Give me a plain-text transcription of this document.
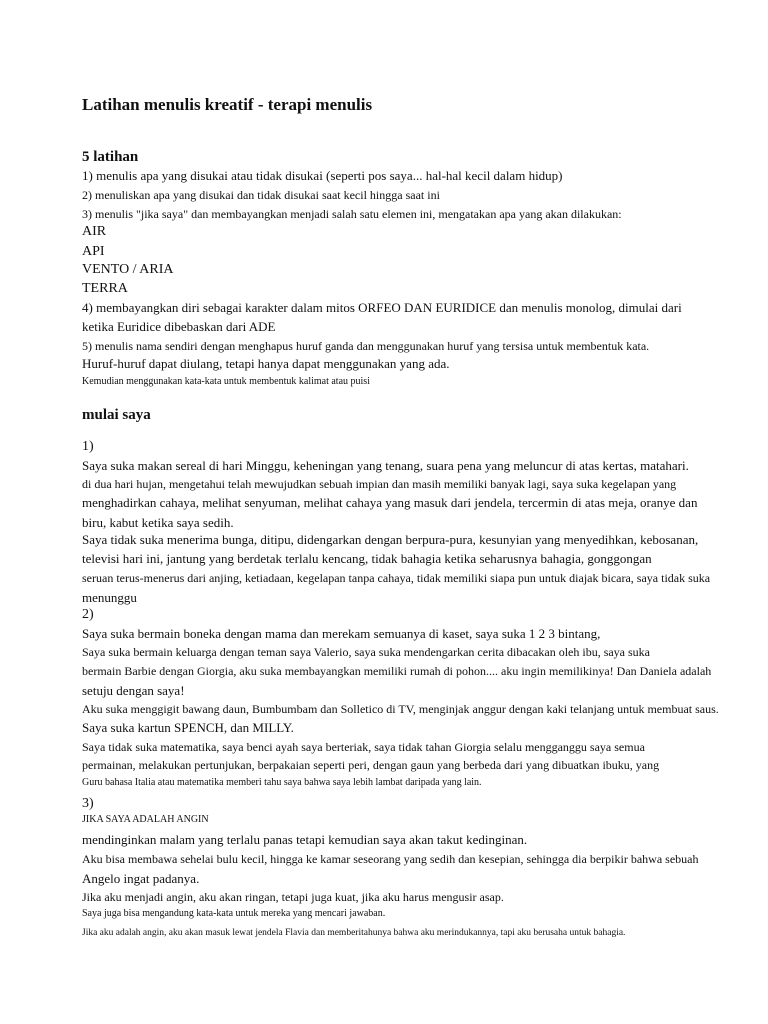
Latihan menulis kreatif - terapi menulis
5 latihan
1) menulis apa yang disukai atau tidak disukai (seperti pos saya... hal-hal kecil dalam hidup)
2) menuliskan apa yang disukai dan tidak disukai saat kecil hingga saat ini
3) menulis "jika saya" dan membayangkan menjadi salah satu elemen ini, mengatakan apa yang akan dilakukan:
AIR
API
VENTO / ARIA
TERRA
4) membayangkan diri sebagai karakter dalam mitos ORFEO DAN EURIDICE dan menulis monolog, dimulai dari
ketika Euridice dibebaskan dari ADE
5) menulis nama sendiri dengan menghapus huruf ganda dan menggunakan huruf yang tersisa untuk membentuk kata.
Huruf-huruf dapat diulang, tetapi hanya dapat menggunakan yang ada.
Kemudian menggunakan kata-kata untuk membentuk kalimat atau puisi
mulai saya
1)
Saya suka makan sereal di hari Minggu, keheningan yang tenang, suara pena yang meluncur di atas kertas, matahari.
di dua hari hujan, mengetahui telah mewujudkan sebuah impian dan masih memiliki banyak lagi, saya suka kegelapan yang
menghadirkan cahaya, melihat senyuman, melihat cahaya yang masuk dari jendela, tercermin di atas meja, oranye dan
biru, kabut ketika saya sedih.
Saya tidak suka menerima bunga, ditipu, didengarkan dengan berpura-pura, kesunyian yang menyedihkan, kebosanan,
televisi hari ini, jantung yang berdetak terlalu kencang, tidak bahagia ketika seharusnya bahagia, gonggongan
seruan terus-menerus dari anjing, ketiadaan, kegelapan tanpa cahaya, tidak memiliki siapa pun untuk diajak bicara, saya tidak suka
menunggu
2)
Saya suka bermain boneka dengan mama dan merekam semuanya di kaset, saya suka 1 2 3 bintang,
Saya suka bermain keluarga dengan teman saya Valerio, saya suka mendengarkan cerita dibacakan oleh ibu, saya suka
bermain Barbie dengan Giorgia, aku suka membayangkan memiliki rumah di pohon.... aku ingin memilikinya! Dan Daniela adalah
setuju dengan saya!
Aku suka menggigit bawang daun, Bumbumbam dan Solletico di TV, menginjak anggur dengan kaki telanjang untuk membuat saus.
Saya suka kartun SPENCH, dan MILLY.
Saya tidak suka matematika, saya benci ayah saya berteriak, saya tidak tahan Giorgia selalu mengganggu saya semua
permainan, melakukan pertunjukan, berpakaian seperti peri, dengan gaun yang berbeda dari yang dibuatkan ibuku, yang
Guru bahasa Italia atau matematika memberi tahu saya bahwa saya lebih lambat daripada yang lain.
3)
JIKA SAYA ADALAH ANGIN
mendinginkan malam yang terlalu panas tetapi kemudian saya akan takut kedinginan.
Aku bisa membawa sehelai bulu kecil, hingga ke kamar seseorang yang sedih dan kesepian, sehingga dia berpikir bahwa sebuah
Angelo ingat padanya.
Jika aku menjadi angin, aku akan ringan, tetapi juga kuat, jika aku harus mengusir asap.
Saya juga bisa mengandung kata-kata untuk mereka yang mencari jawaban.
Jika aku adalah angin, aku akan masuk lewat jendela Flavia dan memberitahunya bahwa aku merindukannya, tapi aku berusaha untuk bahagia.
